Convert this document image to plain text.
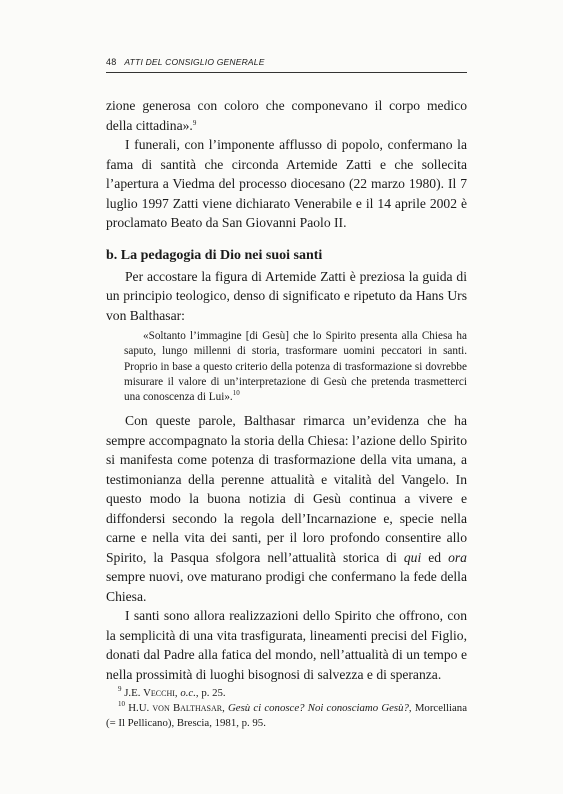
48 ATTI DEL CONSIGLIO GENERALE

zione generosa con coloro che componevano il corpo medico della cittadina».$^9$

I funerali, con l’imponente afflusso di popolo, confermano la fama di santità che circonda Artemide Zatti e che sollecita l’apertura a Viedma del processo diocesano (22 marzo 1980). Il 7 luglio 1997 Zatti viene dichiarato Venerabile e il 14 aprile 2002 è proclamato Beato da San Giovanni Paolo II.

b. La pedagogia di Dio nei suoi santi

Per accostare la figura di Artemide Zatti è preziosa la guida di un principio teologico, denso di significato e ripetuto da Hans Urs von Balthasar:

«Soltanto l’immagine [di Gesù] che lo Spirito presenta alla Chiesa ha saputo, lungo millenni di storia, trasformare uomini peccatori in santi. Proprio in base a questo criterio della potenza di trasformazione si dovrebbe misurare il valore di un’interpretazione di Gesù che pretenda trasmetterci una conoscenza di Lui».$^{10}$

Con queste parole, Balthasar rimarca un’evidenza che ha sempre accompagnato la storia della Chiesa: l’azione dello Spirito si manifesta come potenza di trasformazione della vita umana, a testimonianza della perenne attualità e vitalità del Vangelo. In questo modo la buona notizia di Gesù continua a vivere e diffondersi secondo la regola dell’Incarnazione e, specie nella carne e nella vita dei santi, per il loro profondo consentire allo Spirito, la Pasqua sfolgora nell’attualità storica di qui ed ora sempre nuovi, ove maturano prodigi che confermano la fede della Chiesa.

I santi sono allora realizzazioni dello Spirito che offrono, con la semplicità di una vita trasfigurata, lineamenti precisi del Figlio, donati dal Padre alla fatica del mondo, nell’attualità di un tempo e nella prossimità di luoghi bisognosi di salvezza e di speranza.

$^9$ J.E. Vecchi, o.c., p. 25.

$^{10}$ H.U. von Balthasar, Gesù ci conosce? Noi conosciamo Gesù?, Morcelliana (= Il Pellicano), Brescia, 1981, p. 95.
